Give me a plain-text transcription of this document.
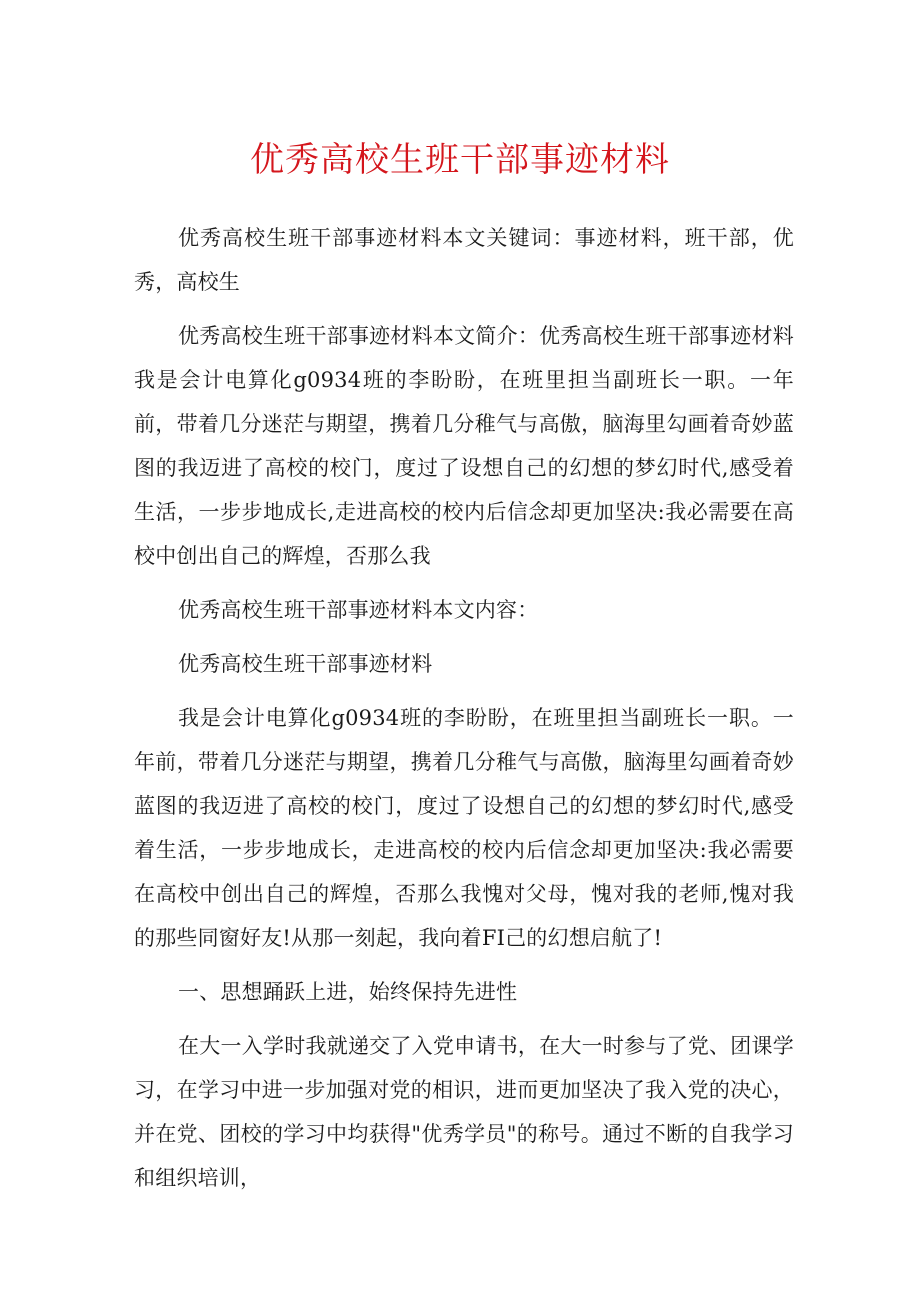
优秀高校生班干部事迹材料

优秀高校生班干部事迹材料本文关键词：事迹材料，班干部，优秀，高校生

优秀高校生班干部事迹材料本文简介：优秀高校生班干部事迹材料我是会计电算化g0934班的李盼盼，在班里担当副班长一职。一年前，带着几分迷茫与期望，携着几分稚气与高傲，脑海里勾画着奇妙蓝图的我迈进了高校的校门，度过了设想自己的幻想的梦幻时代,感受着生活，一步步地成长,走进高校的校内后信念却更加坚决:我必需要在高校中创出自己的辉煌，否那么我

优秀高校生班干部事迹材料本文内容：

优秀高校生班干部事迹材料

我是会计电算化g0934班的李盼盼，在班里担当副班长一职。一年前，带着几分迷茫与期望，携着几分稚气与高傲，脑海里勾画着奇妙蓝图的我迈进了高校的校门，度过了设想自己的幻想的梦幻时代,感受着生活，一步步地成长，走进高校的校内后信念却更加坚决:我必需要在高校中创出自己的辉煌，否那么我愧对父母，愧对我的老师,愧对我的那些同窗好友!从那一刻起，我向着FI己的幻想启航了!

一、思想踊跃上进，始终保持先进性

在大一入学时我就递交了入党申请书，在大一时参与了党、团课学习，在学习中进一步加强对党的相识，进而更加坚决了我入党的决心，并在党、团校的学习中均获得"优秀学员"的称号。通过不断的自我学习和组织培训，
